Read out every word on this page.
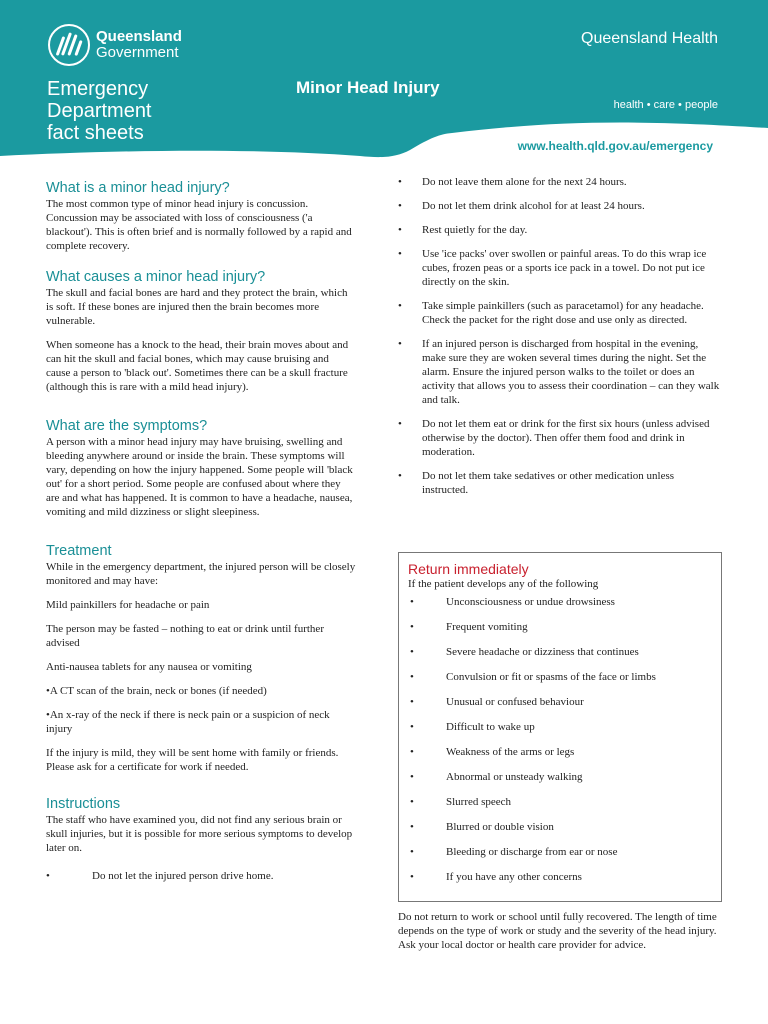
Queensland
Government
Emergency
Department
fact sheets
Minor Head Injury
Queensland Health
health • care • people
www.health.qld.gov.au/emergency
What is a minor head injury?

The most common type of minor head injury is concussion. Concussion may be associated with loss of consciousness ('a blackout'). This is often brief and is normally followed by a rapid and complete recovery.

What causes a minor head injury?

The skull and facial bones are hard and they protect the brain, which is soft. If these bones are injured then the brain becomes more vulnerable.

When someone has a knock to the head, their brain moves about and can hit the skull and facial bones, which may cause bruising and cause a person to 'black out'. Sometimes there can be a skull fracture (although this is rare with a mild head injury).

What are the symptoms?

A person with a minor head injury may have bruising, swelling and bleeding anywhere around or inside the brain. These symptoms will vary, depending on how the injury happened. Some people will 'black out' for a short period. Some people are confused about where they are and what has happened. It is common to have a headache, nausea, vomiting and mild dizziness or slight sleepiness.

Treatment

While in the emergency department, the injured person will be closely monitored and may have:

Mild painkillers for headache or pain

The person may be fasted – nothing to eat or drink until further advised

Anti-nausea tablets for any nausea or vomiting

•A CT scan of the brain, neck or bones (if needed)

•An x-ray of the neck if there is neck pain or a suspicion of neck injury

If the injury is mild, they will be sent home with family or friends. Please ask for a certificate for work if needed.

Instructions

The staff who have examined you, did not find any serious brain or skull injuries, but it is possible for more serious symptoms to develop later on.

•	Do not let the injured person drive home.
• Do not leave them alone for the next 24 hours.
• Do not let them drink alcohol for at least 24 hours.
• Rest quietly for the day.
• Use 'ice packs' over swollen or painful areas. To do this wrap ice cubes, frozen peas or a sports ice pack in a towel. Do not put ice directly on the skin.
• Take simple painkillers (such as paracetamol) for any headache. Check the packet for the right dose and use only as directed.
• If an injured person is discharged from hospital in the evening, make sure they are woken several times during the night. Set the alarm. Ensure the injured person walks to the toilet or does an activity that allows you to assess their coordination – can they walk and talk.
• Do not let them eat or drink for the first six hours (unless advised otherwise by the doctor). Then offer them food and drink in moderation.
• Do not let them take sedatives or other medication unless instructed.
Return immediately
If the patient develops any of the following
•	Unconsciousness or undue drowsiness
•	Frequent vomiting
•	Severe headache or dizziness that continues
•	Convulsion or fit or spasms of the face or limbs
•	Unusual or confused behaviour
•	Difficult to wake up
•	Weakness of the arms or legs
•	Abnormal or unsteady walking
•	Slurred speech
•	Blurred or double vision
•	Bleeding or discharge from ear or nose
•	If you have any other concerns
Do not return to work or school until fully recovered. The length of time depends on the type of work or study and the severity of the head injury. Ask your local doctor or health care provider for advice.
